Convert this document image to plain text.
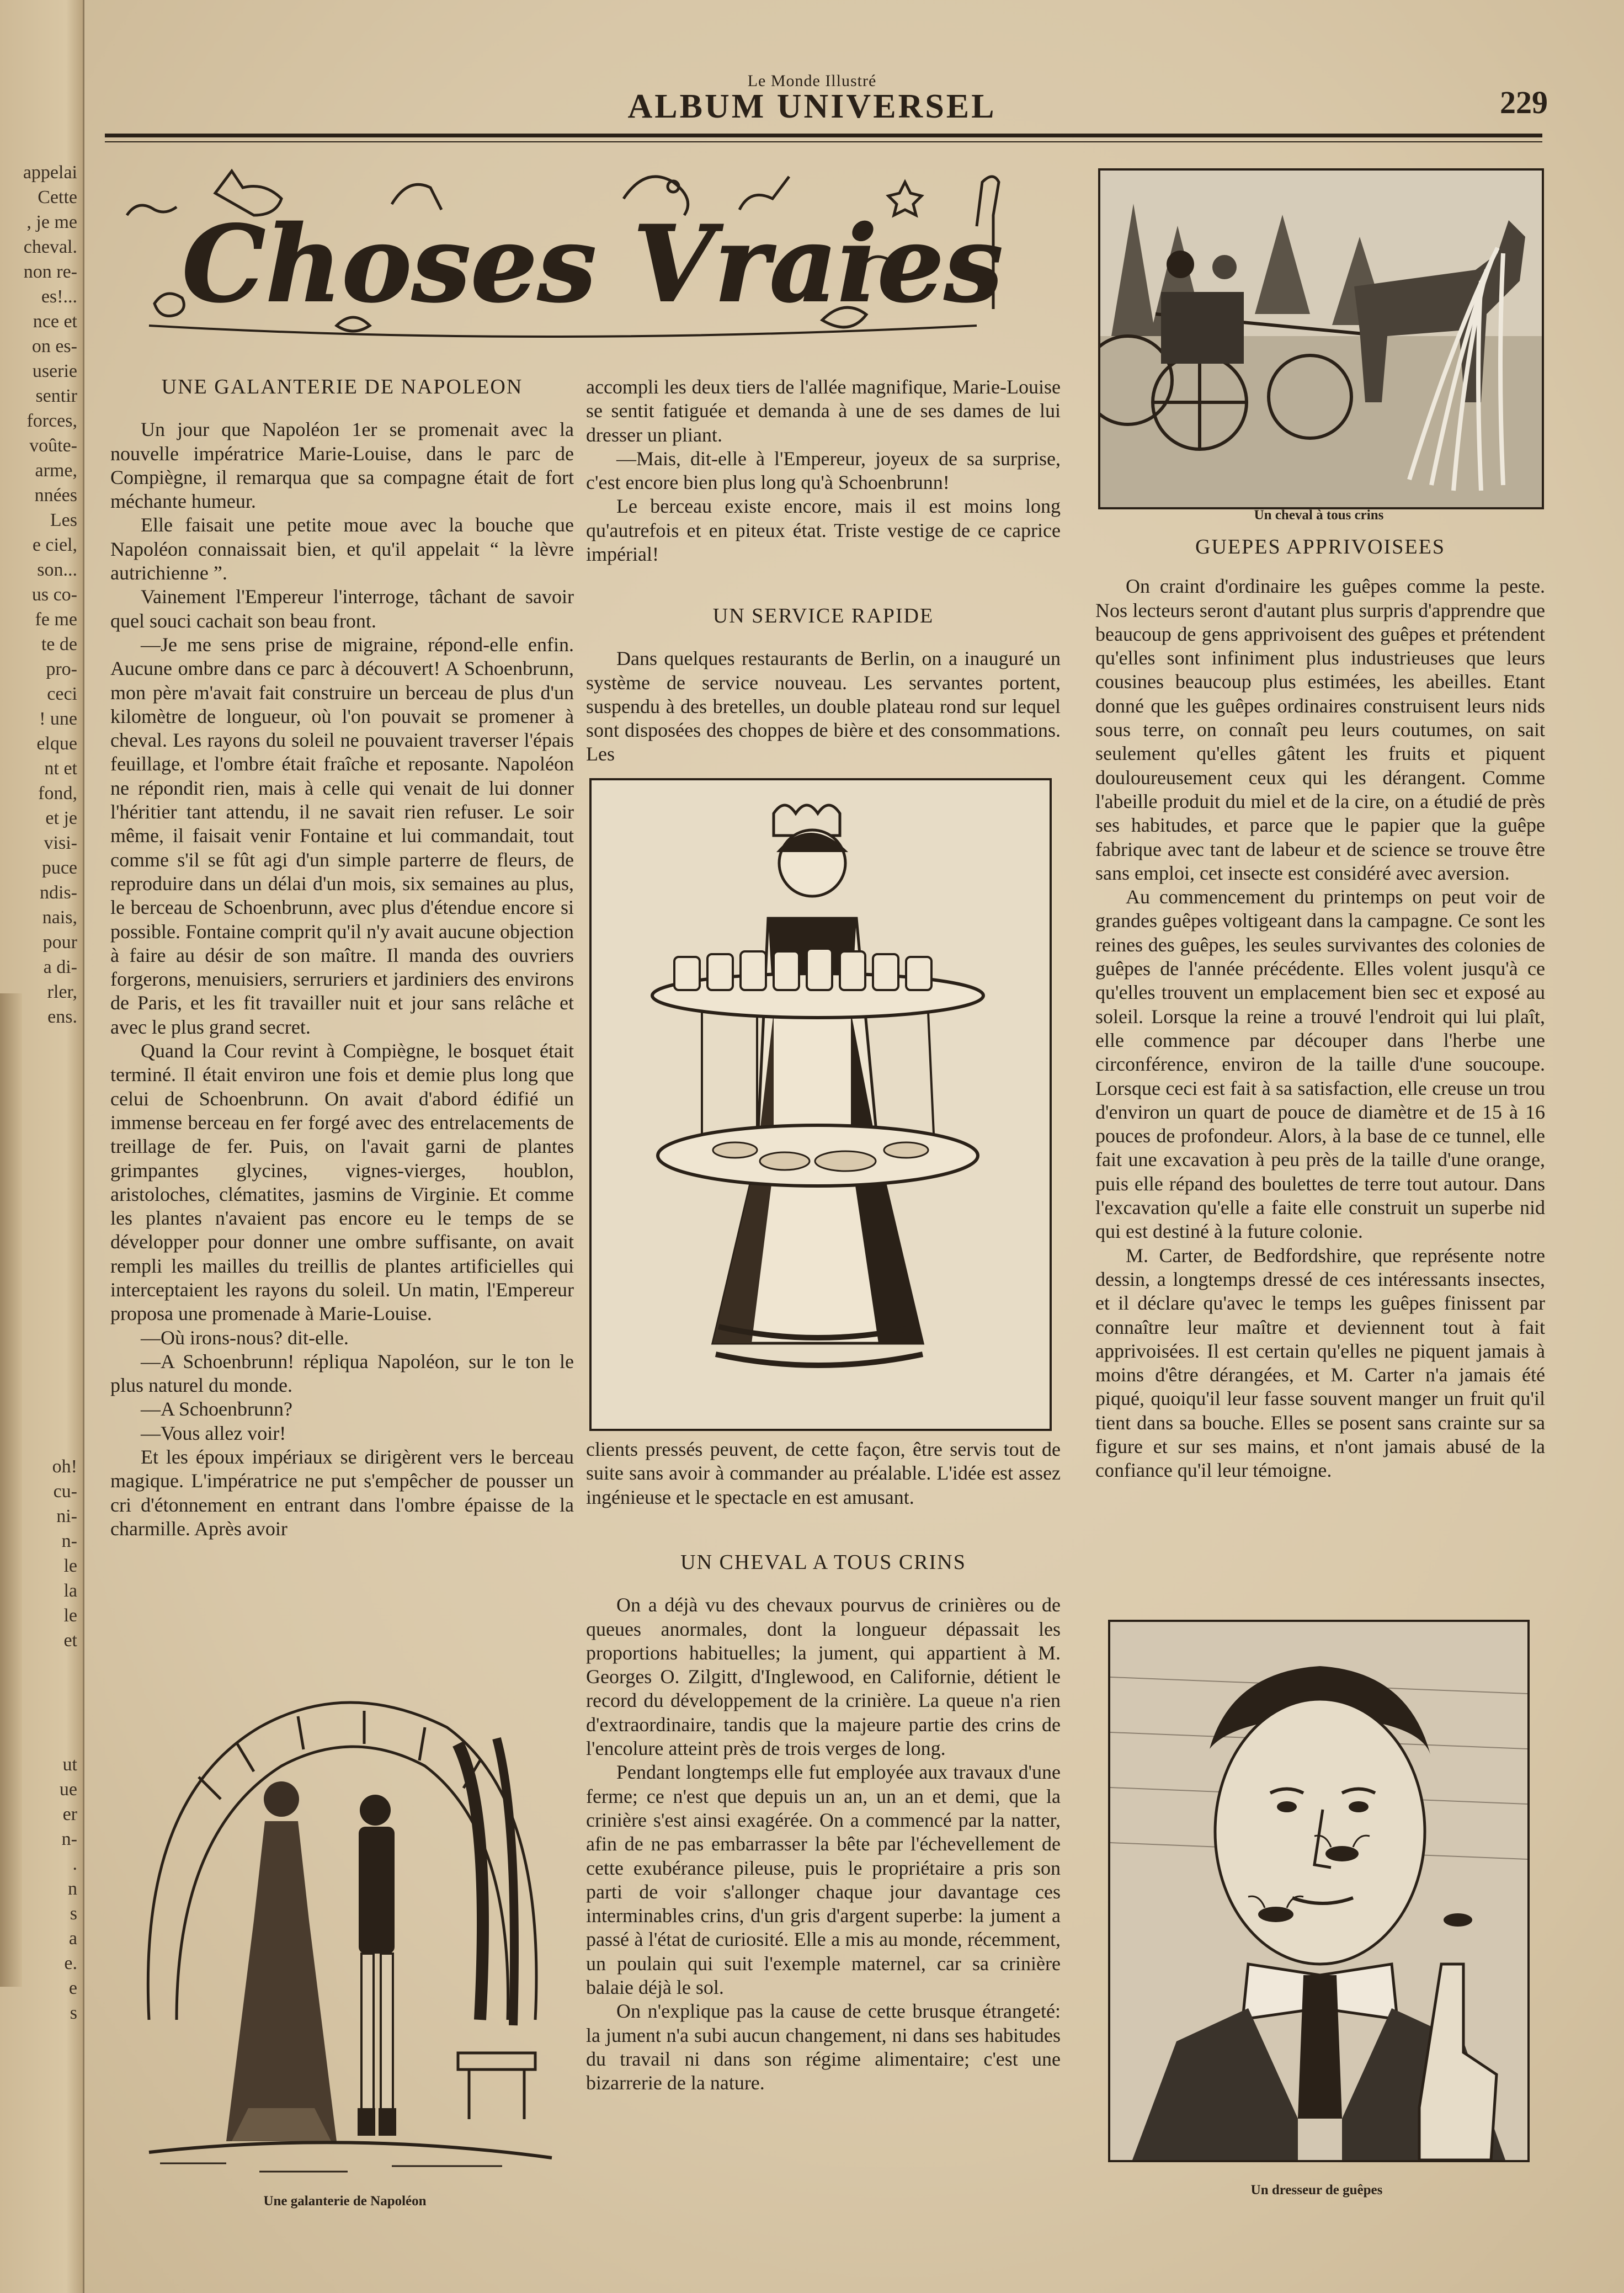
appelai
Cette
, je me
cheval.
non re-
es!...
nce et
on es-
userie
sentir
forces,
voûte-
arme,
nnées
Les
e ciel,
son...
us co-
fe me
te de
pro-
ceci
! une
elque
nt et
fond,
et je
visi-
puce
ndis-
nais,
pour
a di-
rler,
ens.
oh!
cu-
ni-
n-
le
la
le
et
ut
ue
er
n-
.
n
s
a
e.
e
s
Le Monde Illustré
ALBUM UNIVERSEL	229
Choses Vraies
UNE GALANTERIE DE NAPOLEON

Un jour que Napoléon 1er se promenait avec la nouvelle impératrice Marie-Louise, dans le parc de Compiègne, il remarqua que sa compagne était de fort méchante humeur.

Elle faisait une petite moue avec la bouche que Napoléon connaissait bien, et qu'il appelait “ la lèvre autrichienne ”.

Vainement l'Empereur l'interroge, tâchant de savoir quel souci cachait son beau front.

—Je me sens prise de migraine, répond-elle enfin. Aucune ombre dans ce parc à découvert! A Schoenbrunn, mon père m'avait fait construire un berceau de plus d'un kilomètre de longueur, où l'on pouvait se promener à cheval. Les rayons du soleil ne pouvaient traverser l'épais feuillage, et l'ombre était fraîche et reposante. Napoléon ne répondit rien, mais à celle qui venait de lui donner l'héritier tant attendu, il ne savait rien refuser. Le soir même, il faisait venir Fontaine et lui commandait, tout comme s'il se fût agi d'un simple parterre de fleurs, de reproduire dans un délai d'un mois, six semaines au plus, le berceau de Schoenbrunn, avec plus d'étendue encore si possible. Fontaine comprit qu'il n'y avait aucune objection à faire au désir de son maître. Il manda des ouvriers forgerons, menuisiers, serruriers et jardiniers des environs de Paris, et les fit travailler nuit et jour sans relâche et avec le plus grand secret.

Quand la Cour revint à Compiègne, le bosquet était terminé. Il était environ une fois et demie plus long que celui de Schoenbrunn. On avait d'abord édifié un immense berceau en fer forgé avec des entrelacements de treillage de fer. Puis, on l'avait garni de plantes grimpantes glycines, vignes-vierges, houblon, aristoloches, clématites, jasmins de Virginie. Et comme les plantes n'avaient pas encore eu le temps de se développer pour donner une ombre suffisante, on avait rempli les mailles du treillis de plantes artificielles qui interceptaient les rayons du soleil. Un matin, l'Empereur proposa une promenade à Marie-Louise.

—Où irons-nous? dit-elle.

—A Schoenbrunn! répliqua Napoléon, sur le ton le plus naturel du monde.

—A Schoenbrunn?

—Vous allez voir!

Et les époux impériaux se dirigèrent vers le berceau magique. L'impératrice ne put s'empêcher de pousser un cri d'étonnement en entrant dans l'ombre épaisse de la charmille. Après avoir

Une galanterie de Napoléon

accompli les deux tiers de l'allée magnifique, Marie-Louise se sentit fatiguée et demanda à une de ses dames de lui dresser un pliant.

—Mais, dit-elle à l'Empereur, joyeux de sa surprise, c'est encore bien plus long qu'à Schoenbrunn!

Le berceau existe encore, mais il est moins long qu'autrefois et en piteux état. Triste vestige de ce caprice impérial!

UN SERVICE RAPIDE

Dans quelques restaurants de Berlin, on a inauguré un système de service nouveau. Les servantes portent, suspendu à des bretelles, un double plateau rond sur lequel sont disposées des choppes de bière et des consommations. Les

clients pressés peuvent, de cette façon, être servis tout de suite sans avoir à commander au préalable. L'idée est assez ingénieuse et le spectacle en est amusant.

UN CHEVAL A TOUS CRINS

On a déjà vu des chevaux pourvus de crinières ou de queues anormales, dont la longueur dépassait les proportions habituelles; la jument, qui appartient à M. Georges O. Zilgitt, d'Inglewood, en Californie, détient le record du développement de la crinière. La queue n'a rien d'extraordinaire, tandis que la majeure partie des crins de l'encolure atteint près de trois verges de long.

Pendant longtemps elle fut employée aux travaux d'une ferme; ce n'est que depuis un an, un an et demi, que la crinière s'est ainsi exagérée. On a commencé par la natter, afin de ne pas embarrasser la bête par l'échevellement de cette exubérance pileuse, puis le propriétaire a pris son parti de voir s'allonger chaque jour davantage ces interminables crins, d'un gris d'argent superbe: la jument a passé à l'état de curiosité. Elle a mis au monde, récemment, un poulain qui suit l'exemple maternel, car sa crinière balaie déjà le sol.

On n'explique pas la cause de cette brusque étrangeté: la jument n'a subi aucun changement, ni dans ses habitudes du travail ni dans son régime alimentaire; c'est une bizarrerie de la nature.

Un cheval à tous crins
GUEPES APPRIVOISEES

On craint d'ordinaire les guêpes comme la peste. Nos lecteurs seront d'autant plus surpris d'apprendre que beaucoup de gens apprivoisent des guêpes et prétendent qu'elles sont infiniment plus industrieuses que leurs cousines beaucoup plus estimées, les abeilles. Etant donné que les guêpes ordinaires construisent leurs nids sous terre, on connaît peu leurs coutumes, on sait seulement qu'elles gâtent les fruits et piquent douloureusement ceux qui les dérangent. Comme l'abeille produit du miel et de la cire, on a étudié de près ses habitudes, et parce que le papier que la guêpe fabrique avec tant de labeur et de science se trouve être sans emploi, cet insecte est considéré avec aversion.

Au commencement du printemps on peut voir de grandes guêpes voltigeant dans la campagne. Ce sont les reines des guêpes, les seules survivantes des colonies de guêpes de l'année précédente. Elles volent jusqu'à ce qu'elles trouvent un emplacement bien sec et exposé au soleil. Lorsque la reine a trouvé l'endroit qui lui plaît, elle commence par découper dans l'herbe une circonférence, environ de la taille d'une soucoupe. Lorsque ceci est fait à sa satisfaction, elle creuse un trou d'environ un quart de pouce de diamètre et de 15 à 16 pouces de profondeur. Alors, à la base de ce tunnel, elle fait une excavation à peu près de la taille d'une orange, puis elle répand des boulettes de terre tout autour. Dans l'excavation qu'elle a faite elle construit un superbe nid qui est destiné à la future colonie.

M. Carter, de Bedfordshire, que représente notre dessin, a longtemps dressé de ces intéressants insectes, et il déclare qu'avec le temps les guêpes finissent par connaître leur maître et deviennent tout à fait apprivoisées. Il est certain qu'elles ne piquent jamais à moins d'être dérangées, et M. Carter n'a jamais été piqué, quoiqu'il leur fasse souvent manger un fruit qu'il tient dans sa bouche. Elles se posent sans crainte sur sa figure et sur ses mains, et n'ont jamais abusé de la confiance qu'il leur témoigne.

Un dresseur de guêpes
